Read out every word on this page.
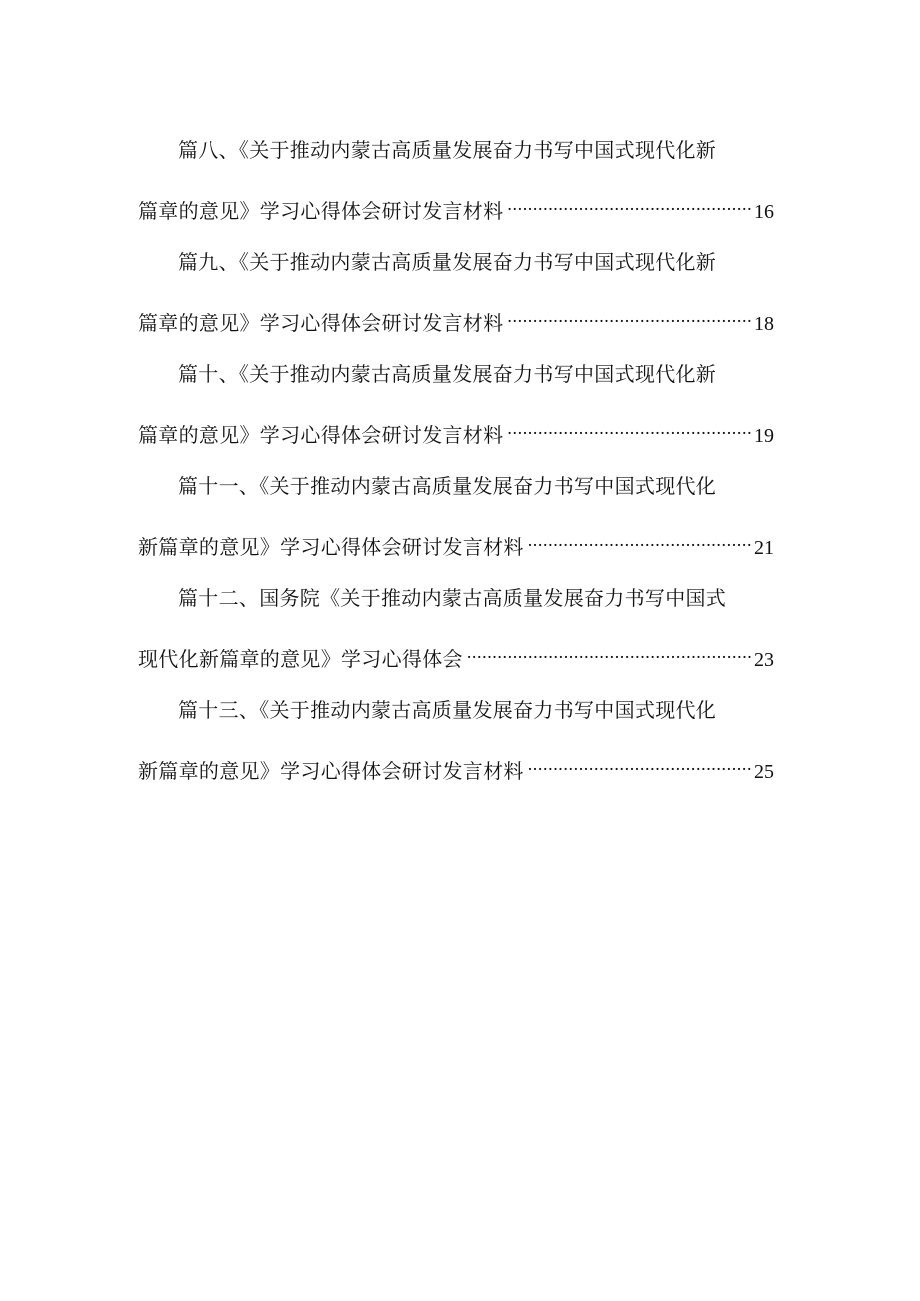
篇八、《关于推动内蒙古高质量发展奋力书写中国式现代化新
篇章的意见》学习心得体会研讨发言材料 .....	16
篇九、《关于推动内蒙古高质量发展奋力书写中国式现代化新
篇章的意见》学习心得体会研讨发言材料 .....	18
篇十、《关于推动内蒙古高质量发展奋力书写中国式现代化新
篇章的意见》学习心得体会研讨发言材料 .....	19
篇十一、《关于推动内蒙古高质量发展奋力书写中国式现代化
新篇章的意见》学习心得体会研讨发言材料 .....	21
篇十二、国务院《关于推动内蒙古高质量发展奋力书写中国式
现代化新篇章的意见》学习心得体会 .....	23
篇十三、《关于推动内蒙古高质量发展奋力书写中国式现代化
新篇章的意见》学习心得体会研讨发言材料 .....	25
